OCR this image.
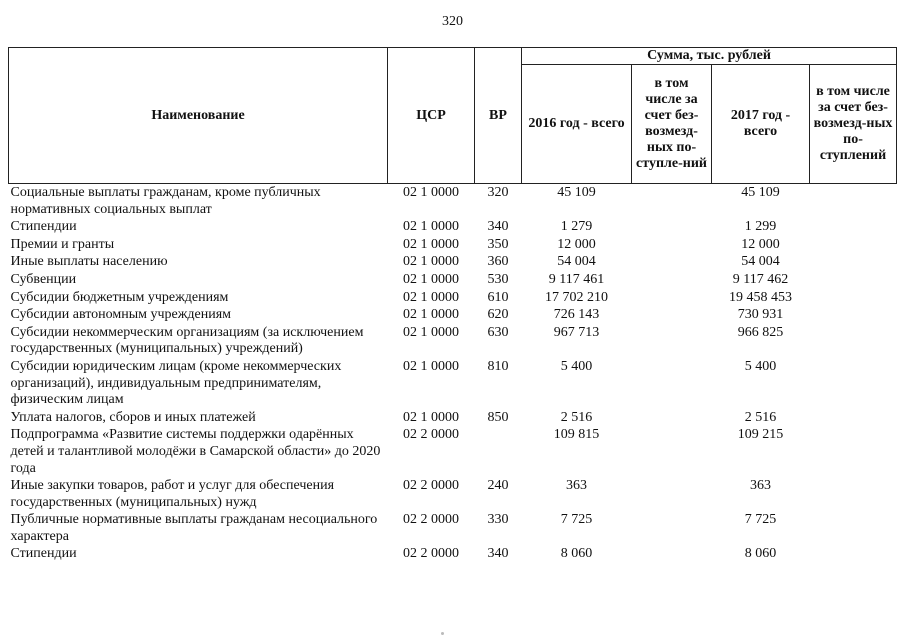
320
Наименование	ЦСР	ВР	Сумма, тыс. рублей			
			2016 год - всего	в том числе за счет без-возмезд-ных по-ступле-ний	2017 год - всего	в том числе за счет без-возмезд-ных по-ступлений
Социальные выплаты гражданам, кроме публичных нормативных социальных выплат	02 1 0000	320	45 109		45 109	
Стипендии	02 1 0000	340	1 279		1 299	
Премии и гранты	02 1 0000	350	12 000		12 000	
Иные выплаты населению	02 1 0000	360	54 004		54 004	
Субвенции	02 1 0000	530	9 117 461		9 117 462	
Субсидии бюджетным учреждениям	02 1 0000	610	17 702 210		19 458 453	
Субсидии автономным учреждениям	02 1 0000	620	726 143		730 931	
Субсидии некоммерческим организациям (за исключением государственных (муниципальных) учреждений)	02 1 0000	630	967 713		966 825	
Субсидии юридическим лицам (кроме некоммерческих организаций), индивидуальным предпринимателям, физическим лицам	02 1 0000	810	5 400		5 400	
Уплата налогов, сборов и иных платежей	02 1 0000	850	2 516		2 516	
Подпрограмма «Развитие системы поддержки одарённых детей и талантливой молодёжи в Самарской области» до 2020 года	02 2 0000		109 815		109 215	
Иные закупки товаров, работ и услуг для обеспечения государственных (муниципальных) нужд	02 2 0000	240	363		363	
Публичные нормативные выплаты гражданам несоциального характера	02 2 0000	330	7 725		7 725	
Стипендии	02 2 0000	340	8 060		8 060	
